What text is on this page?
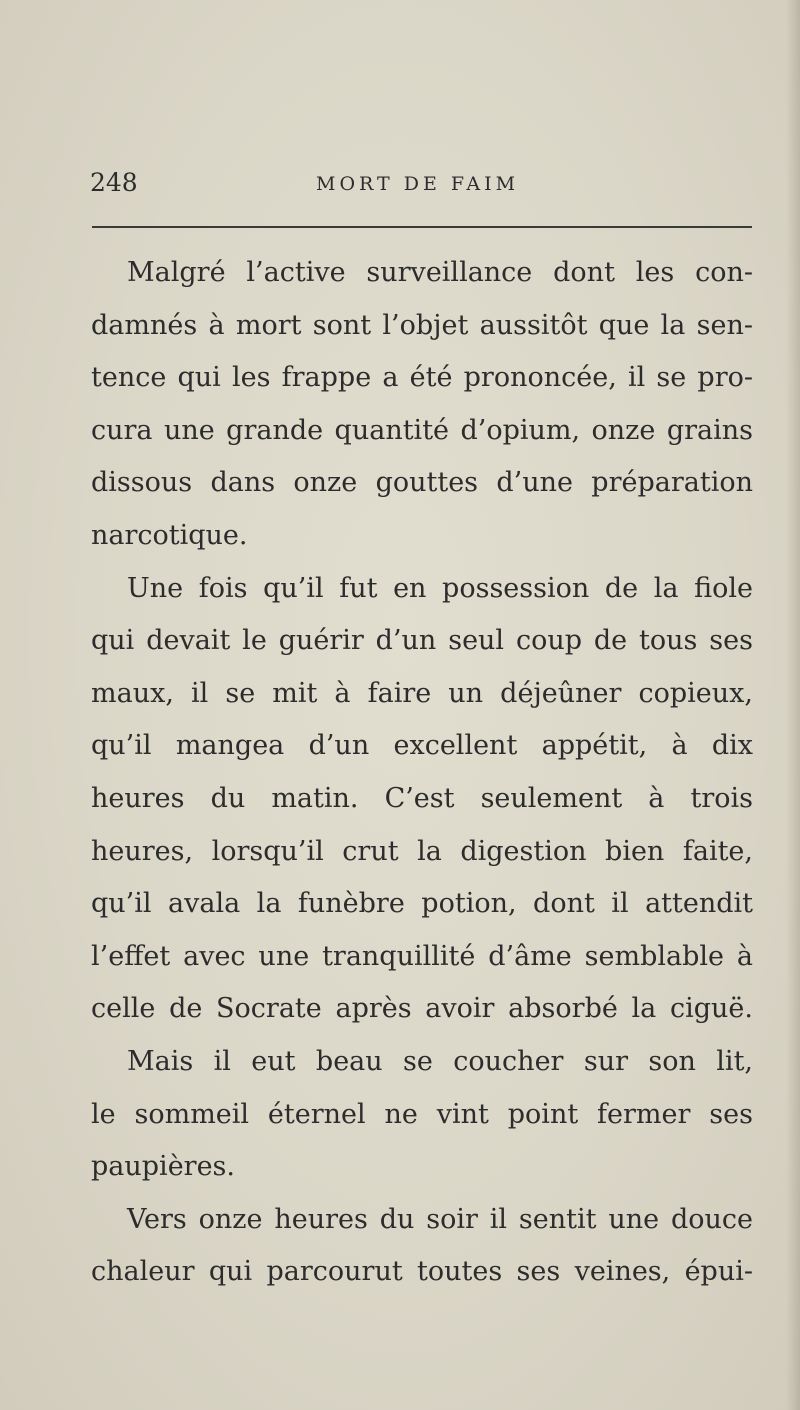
248	MORT DE FAIM
Malgré l’active surveillance dont les con-
damnés à mort sont l’objet aussitôt que la sen-
tence qui les frappe a été prononcée, il se pro-
cura une grande quantité d’opium, onze grains
dissous dans onze gouttes d’une préparation
narcotique.
Une fois qu’il fut en possession de la fiole
qui devait le guérir d’un seul coup de tous ses
maux, il se mit à faire un déjeûner copieux,
qu’il mangea d’un excellent appétit, à dix
heures du matin. C’est seulement à trois
heures, lorsqu’il crut la digestion bien faite,
qu’il avala la funèbre potion, dont il attendit
l’effet avec une tranquillité d’âme semblable à
celle de Socrate après avoir absorbé la ciguë.
Mais il eut beau se coucher sur son lit,
le sommeil éternel ne vint point fermer ses
paupières.
Vers onze heures du soir il sentit une douce
chaleur qui parcourut toutes ses veines, épui-
